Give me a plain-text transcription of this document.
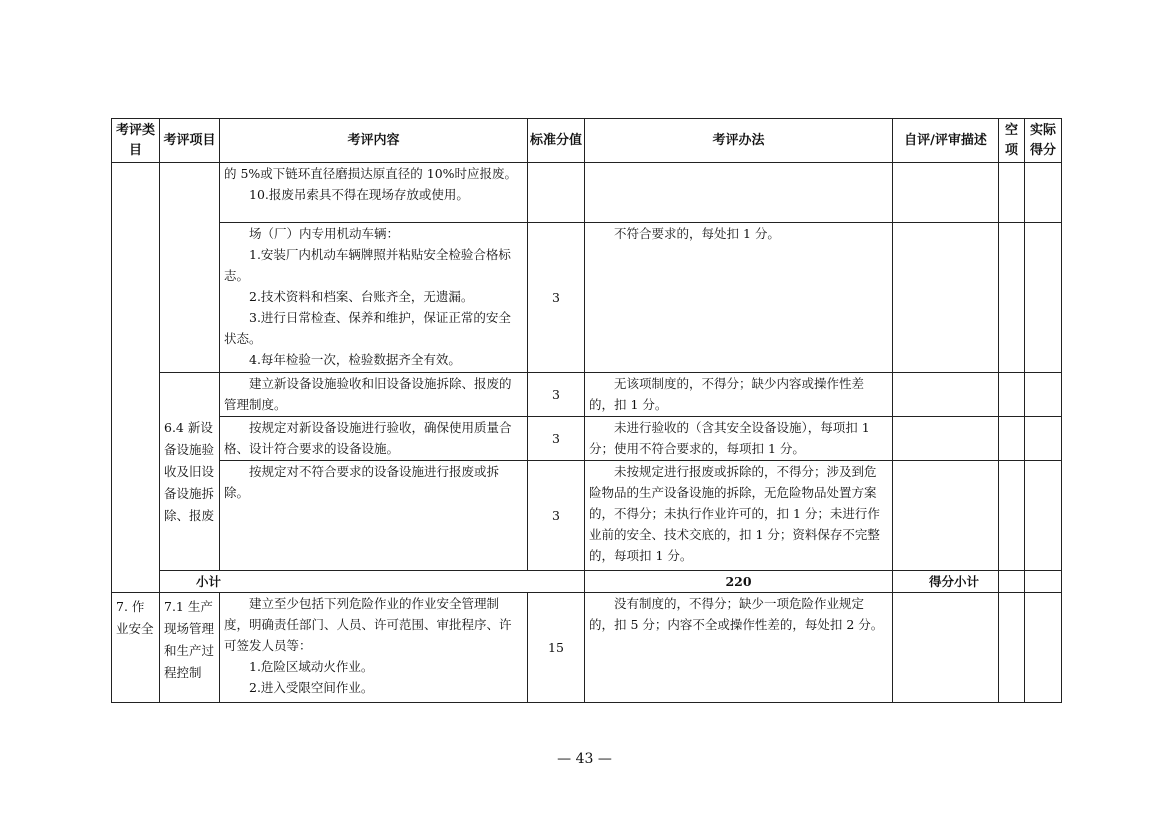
考评类目	考评项目	考评内容	标准分值	考评办法	自评/评审描述	空项	实际得分	

		的 5%或下链环直径磨损达原直径的 10%时应报废。

10.报废吊索具不得在现场存放或使用。						

		场（厂）内专用机动车辆：

1.安装厂内机动车辆牌照并粘贴安全检验合格标志。

2.技术资料和档案、台账齐全，无遗漏。

3.进行日常检查、保养和维护，保证正常的安全状态。

4.每年检验一次，检验数据齐全有效。	3	不符合要求的，每处扣 1 分。				

	6.4 新设备设施验收及旧设备设施拆除、报废	建立新设备设施验收和旧设备设施拆除、报废的管理制度。	3	无该项制度的，不得分；缺少内容或操作性差的，扣 1 分。				

		按规定对新设备设施进行验收，确保使用质量合格、设计符合要求的设备设施。	3	未进行验收的（含其安全设备设施），每项扣 1 分；使用不符合要求的，每项扣 1 分。				

		按规定对不符合要求的设备设施进行报废或拆除。	3	未按规定进行报废或拆除的，不得分；涉及到危险物品的生产设备设施的拆除，无危险物品处置方案的，不得分；未执行作业许可的，扣 1 分；未进行作业前的安全、技术交底的，扣 1 分；资料保存不完整的，每项扣 1 分。				

	小计			220	得分小计			
7. 作业安全	7.1 生产现场管理和生产过程控制	建立至少包括下列危险作业的作业安全管理制度，明确责任部门、人员、许可范围、审批程序、许可签发人员等：

1.危险区域动火作业。

2.进入受限空间作业。	15	没有制度的，不得分；缺少一项危险作业规定的，扣 5 分；内容不全或操作性差的，每处扣 2 分。				

— 43 —
